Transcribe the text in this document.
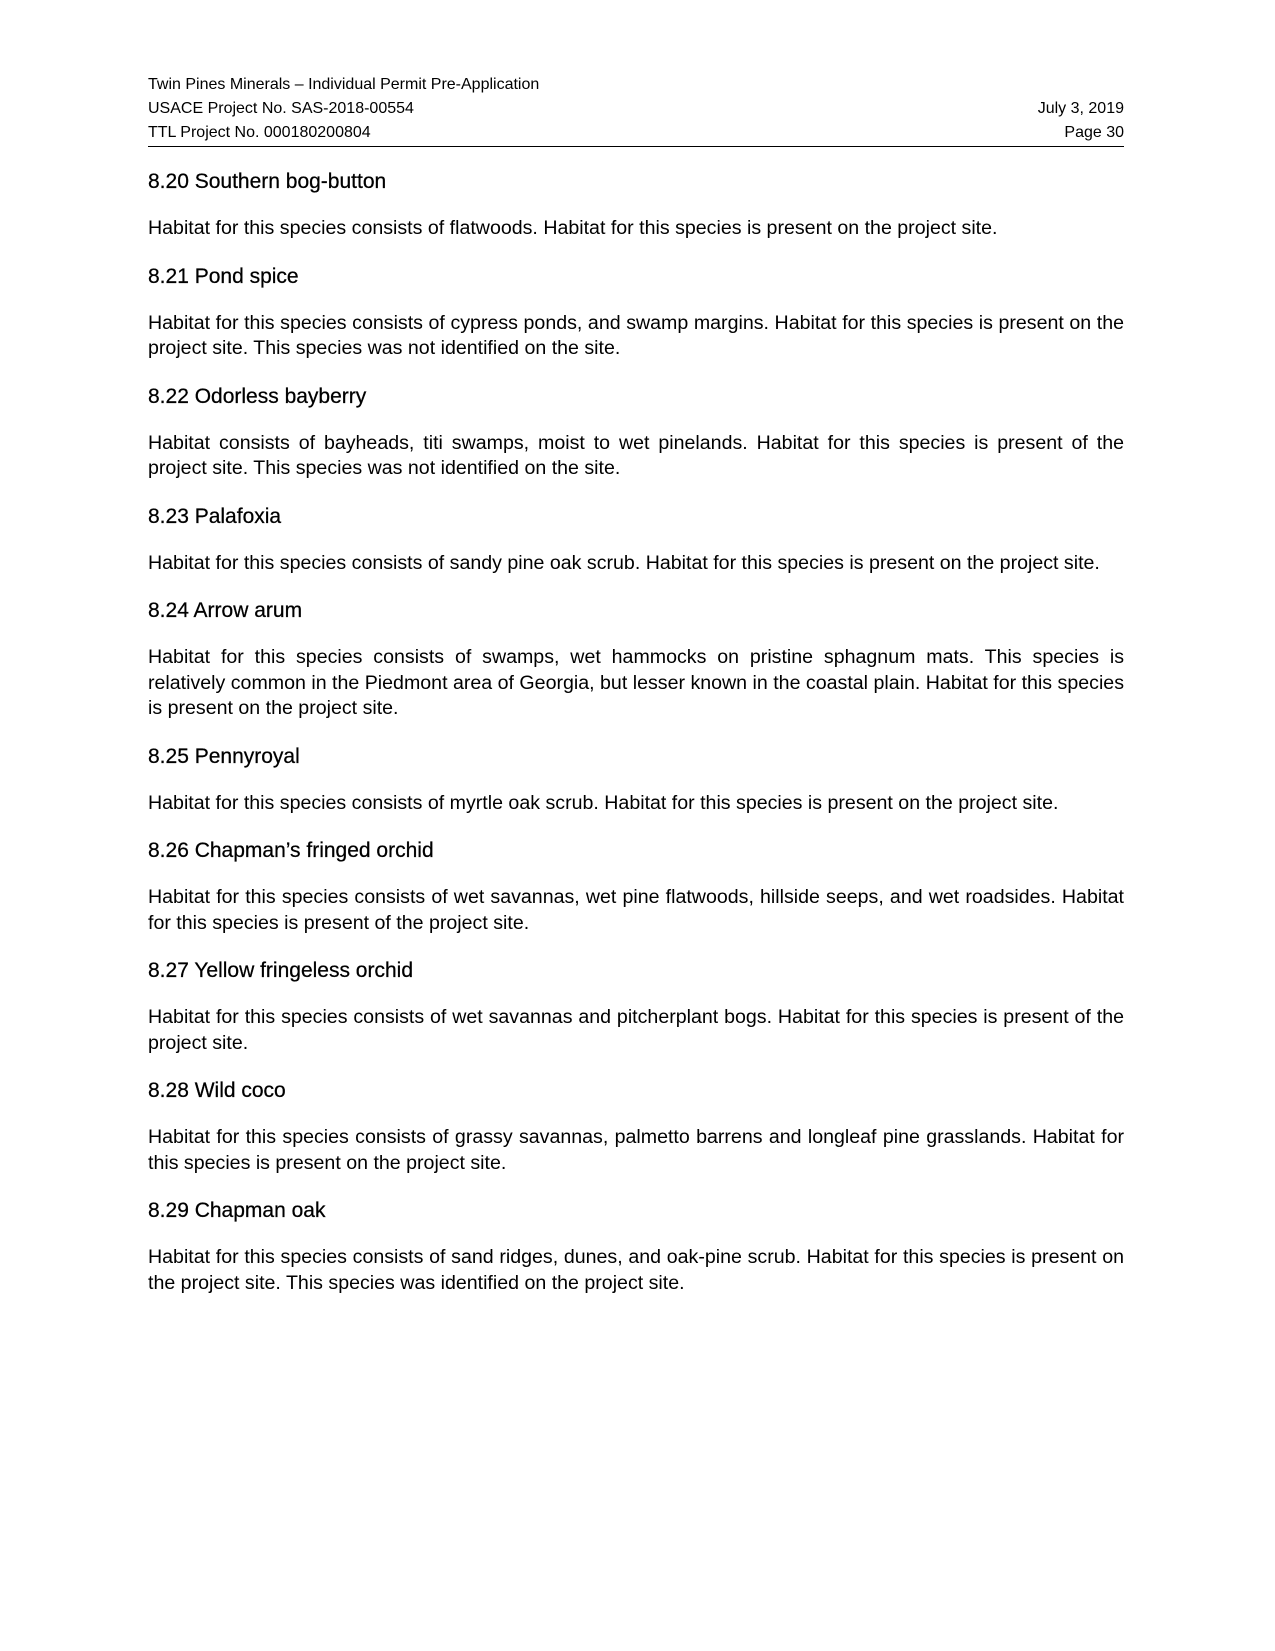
Twin Pines Minerals – Individual Permit Pre-Application
USACE Project No. SAS-2018-00554	July 3, 2019
TTL Project No. 000180200804	Page 30
8.20 Southern bog-button

Habitat for this species consists of flatwoods. Habitat for this species is present on the project site.

8.21 Pond spice

Habitat for this species consists of cypress ponds, and swamp margins. Habitat for this species is present on the project site. This species was not identified on the site.

8.22 Odorless bayberry

Habitat consists of bayheads, titi swamps, moist to wet pinelands. Habitat for this species is present of the project site. This species was not identified on the site.

8.23 Palafoxia

Habitat for this species consists of sandy pine oak scrub. Habitat for this species is present on the project site.

8.24 Arrow arum

Habitat for this species consists of swamps, wet hammocks on pristine sphagnum mats. This species is relatively common in the Piedmont area of Georgia, but lesser known in the coastal plain. Habitat for this species is present on the project site.

8.25 Pennyroyal

Habitat for this species consists of myrtle oak scrub. Habitat for this species is present on the project site.

8.26 Chapman’s fringed orchid

Habitat for this species consists of wet savannas, wet pine flatwoods, hillside seeps, and wet roadsides. Habitat for this species is present of the project site.

8.27 Yellow fringeless orchid

Habitat for this species consists of wet savannas and pitcherplant bogs. Habitat for this species is present of the project site.

8.28 Wild coco

Habitat for this species consists of grassy savannas, palmetto barrens and longleaf pine grasslands. Habitat for this species is present on the project site.

8.29 Chapman oak

Habitat for this species consists of sand ridges, dunes, and oak-pine scrub. Habitat for this species is present on the project site. This species was identified on the project site.
